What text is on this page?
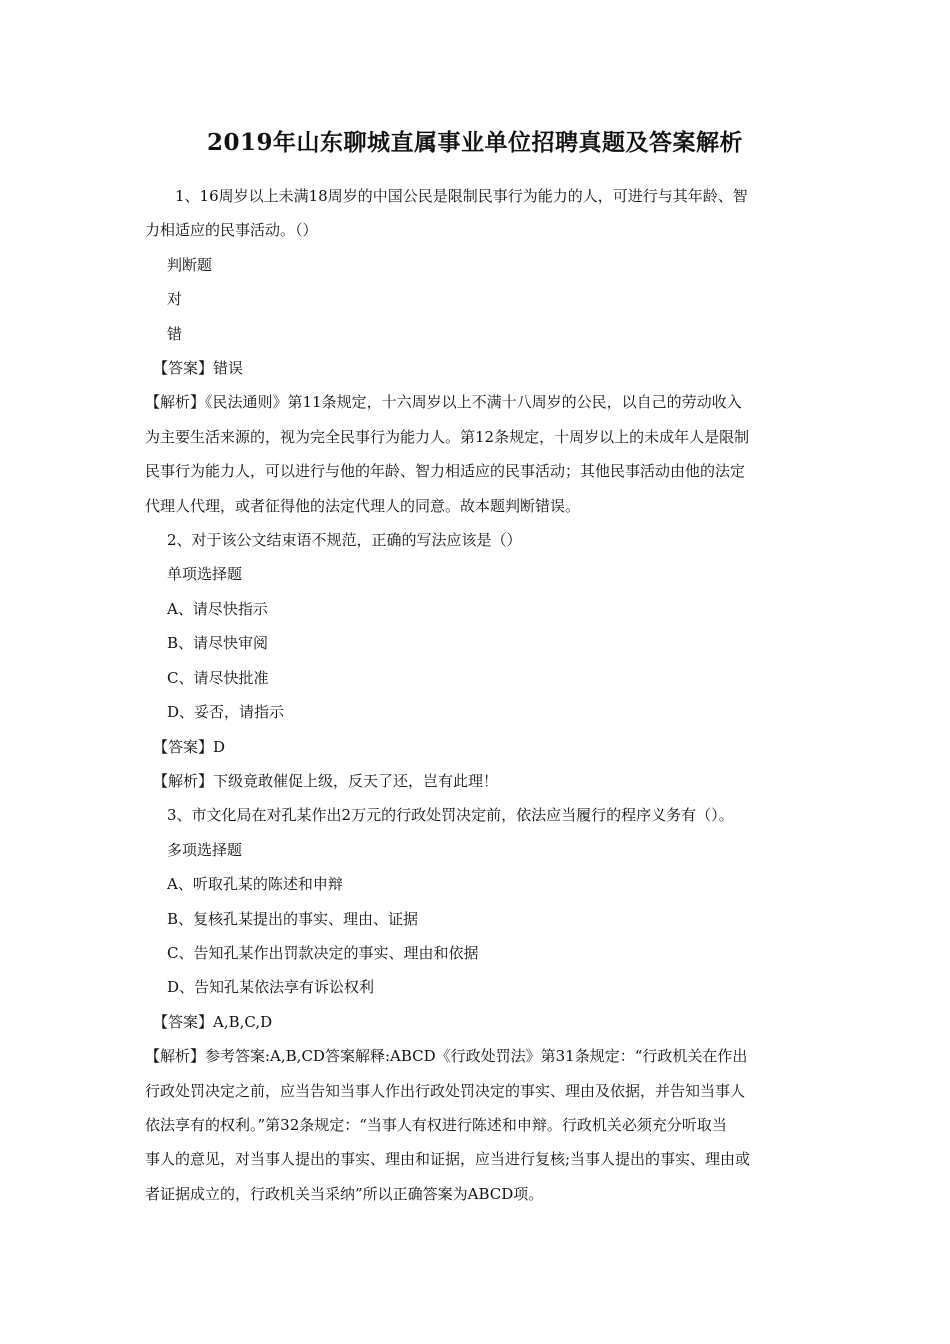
2019年山东聊城直属事业单位招聘真题及答案解析

1、16周岁以上未满18周岁的中国公民是限制民事行为能力的人，可进行与其年龄、智

力相适应的民事活动。（）

判断题

对

错

【答案】错误

【解析】《民法通则》第11条规定，十六周岁以上不满十八周岁的公民，以自己的劳动收入

为主要生活来源的，视为完全民事行为能力人。第12条规定，十周岁以上的未成年人是限制

民事行为能力人，可以进行与他的年龄、智力相适应的民事活动；其他民事活动由他的法定

代理人代理，或者征得他的法定代理人的同意。故本题判断错误。

2、对于该公文结束语不规范，正确的写法应该是（）

单项选择题

A、请尽快指示

B、请尽快审阅

C、请尽快批准

D、妥否，请指示

【答案】D

【解析】下级竟敢催促上级，反天了还，岂有此理！

3、市文化局在对孔某作出2万元的行政处罚决定前，依法应当履行的程序义务有（）。

多项选择题

A、听取孔某的陈述和申辩

B、复核孔某提出的事实、理由、证据

C、告知孔某作出罚款决定的事实、理由和依据

D、告知孔某依法享有诉讼权利

【答案】A,B,C,D

【解析】参考答案:A,B,CD答案解释:ABCD《行政处罚法》第31条规定：“行政机关在作出

行政处罚决定之前，应当告知当事人作出行政处罚决定的事实、理由及依据，并告知当事人

依法享有的权利。”第32条规定：“当事人有权进行陈述和申辩。行政机关必须充分听取当

事人的意见，对当事人提出的事实、理由和证据，应当进行复核;当事人提出的事实、理由或

者证据成立的，行政机关当采纳”所以正确答案为ABCD项。
